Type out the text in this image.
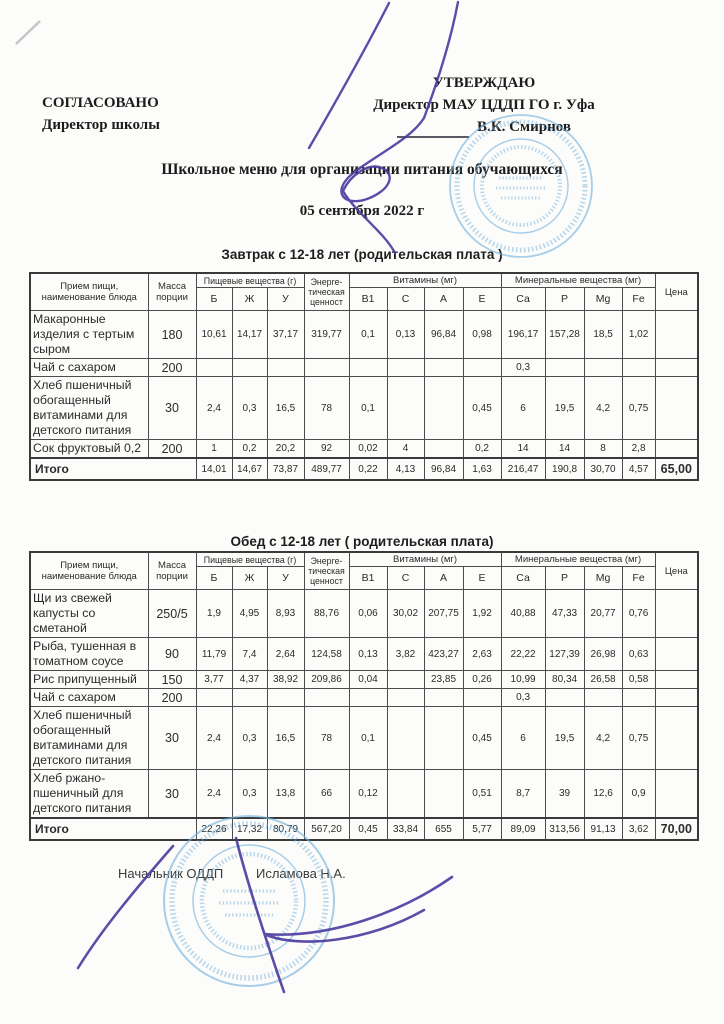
СОГЛАСОВАНО
Директор школы
УТВЕРЖДАЮ
Директор МАУ ЦДДП ГО г. Уфа
В.К. Смирнов
Школьное меню для организации питания обучающихся
05 сентября 2022 г
Завтрак с 12-18 лет (родительская плата )
Обед с 12-18 лет ( родительская плата)
Прием пищи, наименование блюда	Масса порции	Пищевые вещества (г)			Энерге- тическая ценност	Витамины (мг)				Минеральные вещества (мг)				Цена
		Б	Ж	У		В1	С	А	Е	Са	Р	Mg	Fe	
Макаронные изделия с тертым сыром	180	10,61	14,17	37,17	319,77	0,1	0,13	96,84	0,98	196,17	157,28	18,5	1,02	
Чай с сахаром	200									0,3				
Хлеб пшеничный обогащенный витаминами для детского питания	30	2,4	0,3	16,5	78	0,1			0,45	6	19,5	4,2	0,75	
Сок фруктовый 0,2	200	1	0,2	20,2	92	0,02	4		0,2	14	14	8	2,8	
Итого		14,01	14,67	73,87	489,77	0,22	4,13	96,84	1,63	216,47	190,8	30,70	4,57	65,00
Прием пищи, наименование блюда	Масса порции	Пищевые вещества (г)			Энерге- тическая ценност	Витамины (мг)				Минеральные вещества (мг)				Цена
		Б	Ж	У		В1	С	А	Е	Са	Р	Mg	Fe	
Щи из свежей капусты со сметаной	250/5	1,9	4,95	8,93	88,76	0,06	30,02	207,75	1,92	40,88	47,33	20,77	0,76	
Рыба, тушенная в томатном соусе	90	11,79	7,4	2,64	124,58	0,13	3,82	423,27	2,63	22,22	127,39	26,98	0,63	
Рис припущенный	150	3,77	4,37	38,92	209,86	0,04		23,85	0,26	10,99	80,34	26,58	0,58	
Чай с сахаром	200									0,3				
Хлеб пшеничный обогащенный витаминами для детского питания	30	2,4	0,3	16,5	78	0,1			0,45	6	19,5	4,2	0,75	
Хлеб ржано- пшеничный для детского питания	30	2,4	0,3	13,8	66	0,12			0,51	8,7	39	12,6	0,9	
Итого		22,26	17,32	80,79	567,20	0,45	33,84	655	5,77	89,09	313,56	91,13	3,62	70,00
Начальник ОДДП	Исламова Н.А.
